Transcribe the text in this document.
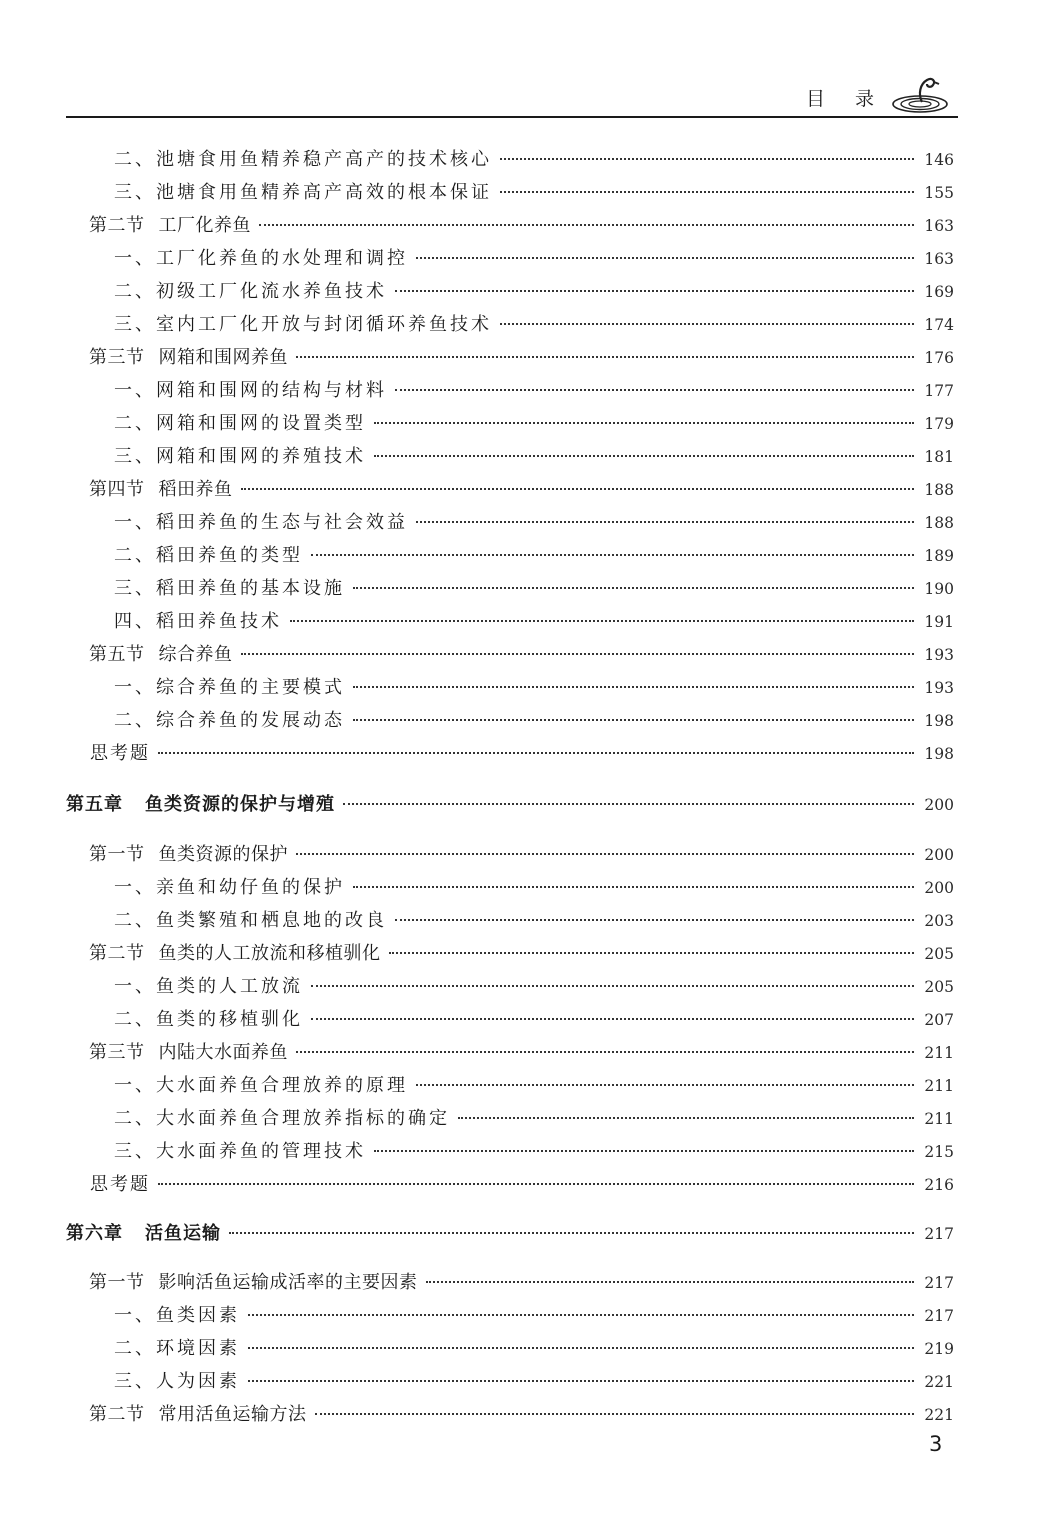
目录
二、池塘食用鱼精养稳产高产的技术核心	146
三、池塘食用鱼精养高产高效的根本保证	155
第二节 工厂化养鱼	163
一、工厂化养鱼的水处理和调控	163
二、初级工厂化流水养鱼技术	169
三、室内工厂化开放与封闭循环养鱼技术	174
第三节 网箱和围网养鱼	176
一、网箱和围网的结构与材料	177
二、网箱和围网的设置类型	179
三、网箱和围网的养殖技术	181
第四节 稻田养鱼	188
一、稻田养鱼的生态与社会效益	188
二、稻田养鱼的类型	189
三、稻田养鱼的基本设施	190
四、稻田养鱼技术	191
第五节 综合养鱼	193
一、综合养鱼的主要模式	193
二、综合养鱼的发展动态	198
思考题	198
第五章 鱼类资源的保护与增殖	200
第一节 鱼类资源的保护	200
一、亲鱼和幼仔鱼的保护	200
二、鱼类繁殖和栖息地的改良	203
第二节 鱼类的人工放流和移植驯化	205
一、鱼类的人工放流	205
二、鱼类的移植驯化	207
第三节 内陆大水面养鱼	211
一、大水面养鱼合理放养的原理	211
二、大水面养鱼合理放养指标的确定	211
三、大水面养鱼的管理技术	215
思考题	216
第六章 活鱼运输	217
第一节 影响活鱼运输成活率的主要因素	217
一、鱼类因素	217
二、环境因素	219
三、人为因素	221
第二节 常用活鱼运输方法	221
3
